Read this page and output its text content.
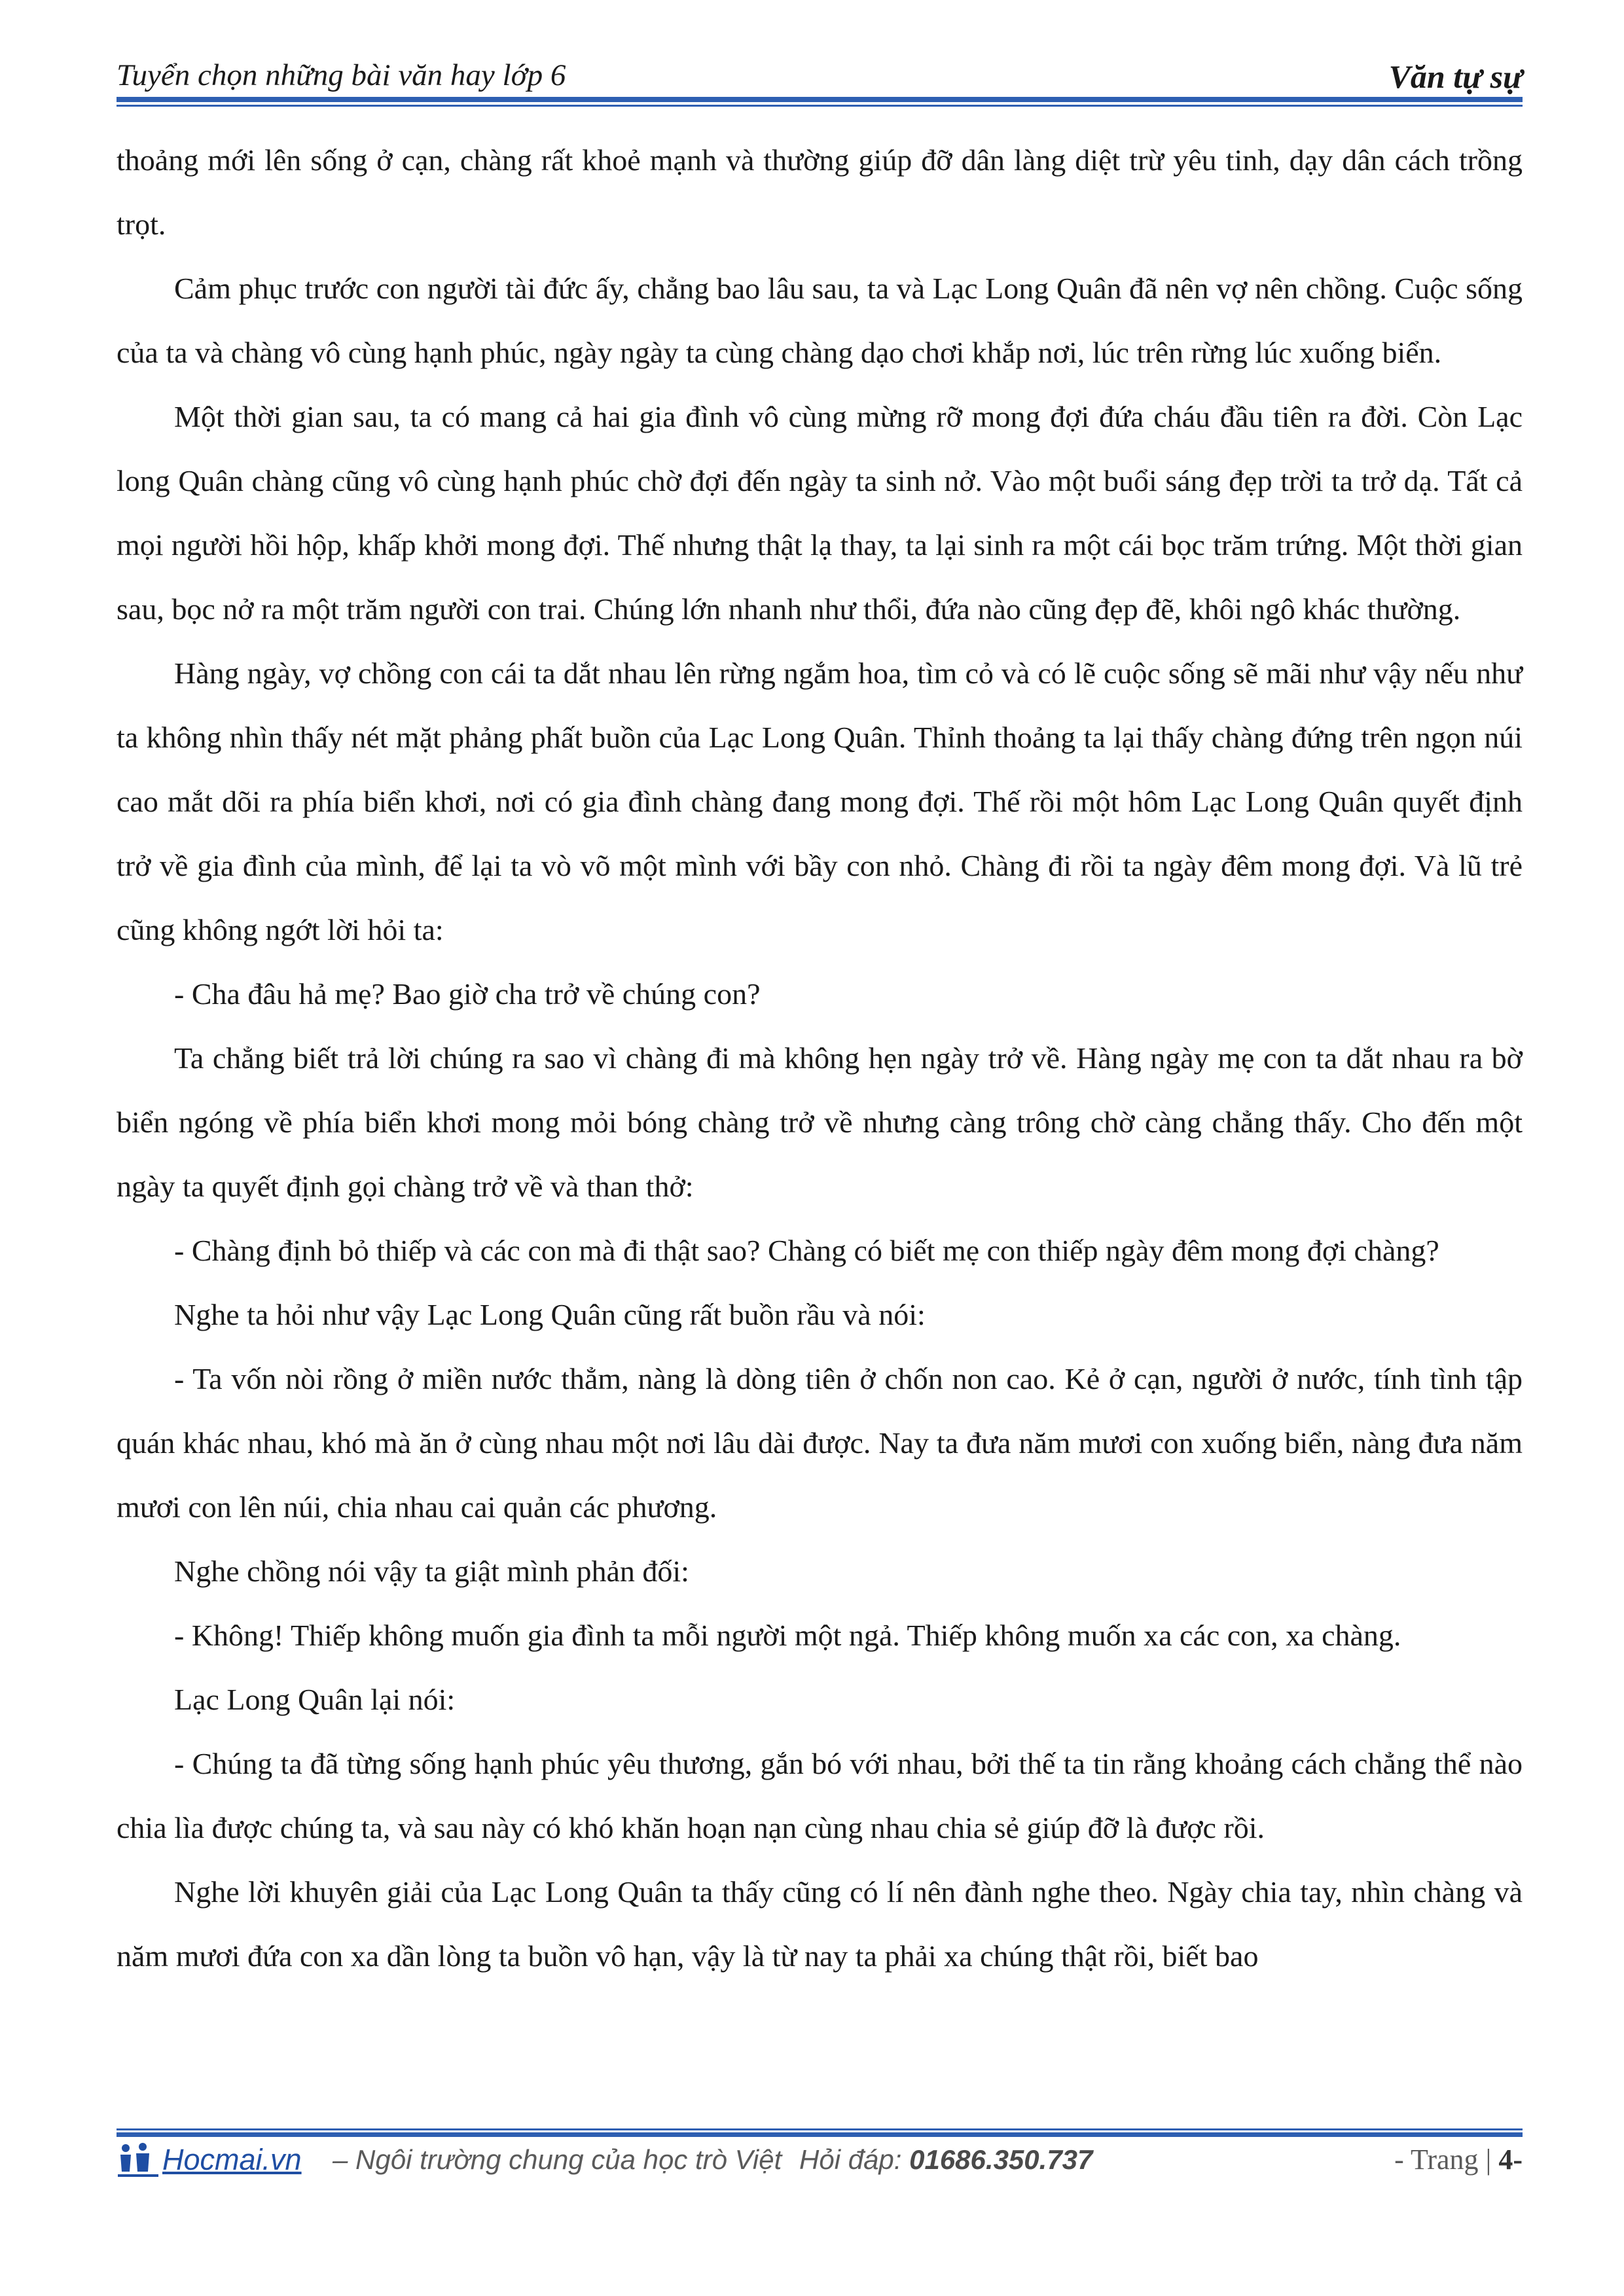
Tuyển chọn những bài văn hay lớp 6	Văn tự sự

thoảng mới lên sống ở cạn, chàng rất khoẻ mạnh và thường giúp đỡ dân làng diệt trừ yêu tinh, dạy dân cách trồng trọt.

Cảm phục trước con người tài đức ấy, chẳng bao lâu sau, ta và Lạc Long Quân đã nên vợ nên chồng. Cuộc sống của ta và chàng vô cùng hạnh phúc, ngày ngày ta cùng chàng dạo chơi khắp nơi, lúc trên rừng lúc xuống biển.

Một thời gian sau, ta có mang cả hai gia đình vô cùng mừng rỡ mong đợi đứa cháu đầu tiên ra đời. Còn Lạc long Quân chàng cũng vô cùng hạnh phúc chờ đợi đến ngày ta sinh nở. Vào một buổi sáng đẹp trời ta trở dạ. Tất cả mọi người hồi hộp, khấp khởi mong đợi. Thế nhưng thật lạ thay, ta lại sinh ra một cái bọc trăm trứng. Một thời gian sau, bọc nở ra một trăm người con trai. Chúng lớn nhanh như thổi, đứa nào cũng đẹp đẽ, khôi ngô khác thường.

Hàng ngày, vợ chồng con cái ta dắt nhau lên rừng ngắm hoa, tìm cỏ và có lẽ cuộc sống sẽ mãi như vậy nếu như ta không nhìn thấy nét mặt phảng phất buồn của Lạc Long Quân. Thỉnh thoảng ta lại thấy chàng đứng trên ngọn núi cao mắt dõi ra phía biển khơi, nơi có gia đình chàng đang mong đợi. Thế rồi một hôm Lạc Long Quân quyết định trở về gia đình của mình, để lại ta vò võ một mình với bầy con nhỏ. Chàng đi rồi ta ngày đêm mong đợi. Và lũ trẻ cũng không ngớt lời hỏi ta:

- Cha đâu hả mẹ? Bao giờ cha trở về chúng con?

Ta chẳng biết trả lời chúng ra sao vì chàng đi mà không hẹn ngày trở về. Hàng ngày mẹ con ta dắt nhau ra bờ biển ngóng về phía biển khơi mong mỏi bóng chàng trở về nhưng càng trông chờ càng chẳng thấy. Cho đến một ngày ta quyết định gọi chàng trở về và than thở:

- Chàng định bỏ thiếp và các con mà đi thật sao? Chàng có biết mẹ con thiếp ngày đêm mong đợi chàng?

Nghe ta hỏi như vậy Lạc Long Quân cũng rất buồn rầu và nói:

- Ta vốn nòi rồng ở miền nước thẳm, nàng là dòng tiên ở chốn non cao. Kẻ ở cạn, người ở nước, tính tình tập quán khác nhau, khó mà ăn ở cùng nhau một nơi lâu dài được. Nay ta đưa năm mươi con xuống biển, nàng đưa năm mươi con lên núi, chia nhau cai quản các phương.

Nghe chồng nói vậy ta giật mình phản đối:

- Không! Thiếp không muốn gia đình ta mỗi người một ngả. Thiếp không muốn xa các con, xa chàng.

Lạc Long Quân lại nói:

- Chúng ta đã từng sống hạnh phúc yêu thương, gắn bó với nhau, bởi thế ta tin rằng khoảng cách chẳng thể nào chia lìa được chúng ta, và sau này có khó khăn hoạn nạn cùng nhau chia sẻ giúp đỡ là được rồi.

Nghe lời khuyên giải của Lạc Long Quân ta thấy cũng có lí nên đành nghe theo. Ngày chia tay, nhìn chàng và năm mươi đứa con xa dần lòng ta buồn vô hạn, vậy là từ nay ta phải xa chúng thật rồi, biết bao

Hocmai.vn – Ngôi trường chung của học trò Việt Hỏi đáp: 01686.350.737	- Trang | 4-
